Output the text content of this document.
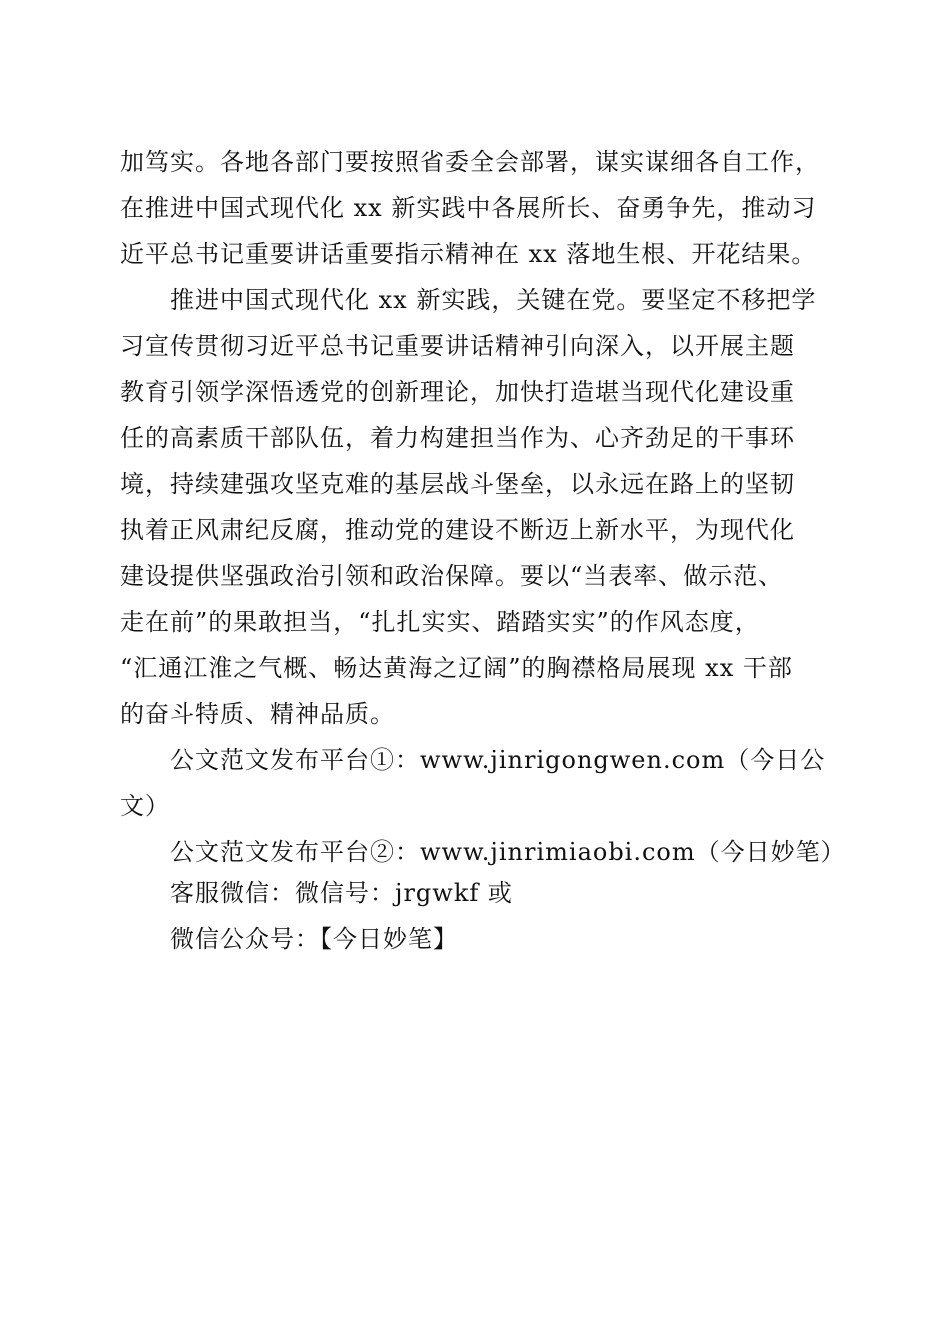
加笃实。各地各部门要按照省委全会部署，谋实谋细各自工作，
在推进中国式现代化 xx 新实践中各展所长、奋勇争先，推动习
近平总书记重要讲话重要指示精神在 xx 落地生根、开花结果。
推进中国式现代化 xx 新实践，关键在党。要坚定不移把学
习宣传贯彻习近平总书记重要讲话精神引向深入，以开展主题
教育引领学深悟透党的创新理论，加快打造堪当现代化建设重
任的高素质干部队伍，着力构建担当作为、心齐劲足的干事环
境，持续建强攻坚克难的基层战斗堡垒，以永远在路上的坚韧
执着正风肃纪反腐，推动党的建设不断迈上新水平，为现代化
建设提供坚强政治引领和政治保障。要以“当表率、做示范、
走在前”的果敢担当，“扎扎实实、踏踏实实”的作风态度，
“汇通江淮之气概、畅达黄海之辽阔”的胸襟格局展现 xx 干部
的奋斗特质、精神品质。
公文范文发布平台①：www.jinrigongwen.com（今日公
文）
公文范文发布平台②：www.jinrimiaobi.com（今日妙笔）
客服微信：微信号：jrgwkf 或
微信公众号：【今日妙笔】
